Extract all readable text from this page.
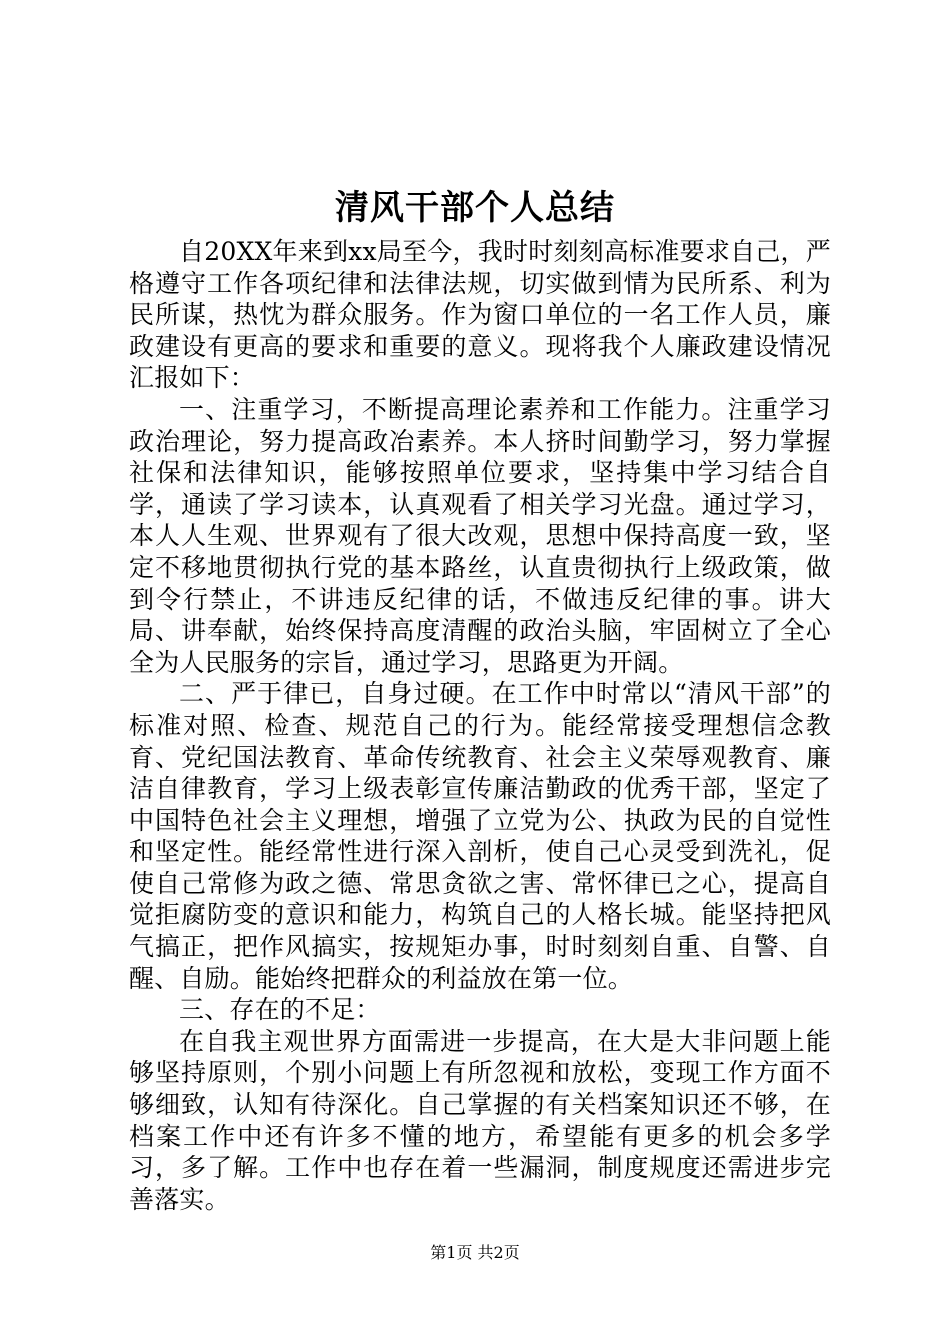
清风干部个人总结

自20XX年来到xx局至今，我时时刻刻高标准要求自己，严格遵守工作各项纪律和法律法规，切实做到情为民所系、利为民所谋，热忱为群众服务。作为窗口单位的一名工作人员，廉政建设有更高的要求和重要的意义。现将我个人廉政建设情况汇报如下：

一、注重学习，不断提高理论素养和工作能力。注重学习政治理论，努力提高政冶素养。本人挤时间勤学习，努力掌握社保和法律知识，能够按照单位要求，坚持集中学习结合自学，通读了学习读本，认真观看了相关学习光盘。通过学习，本人人生观、世界观有了很大改观，思想中保持高度一致，坚定不移地贯彻执行党的基本路丝，认直贵彻执行上级政策，做到令行禁止，不讲违反纪律的话，不做违反纪律的事。讲大局、讲奉献，始终保持高度清醒的政治头脑，牢固树立了全心全为人民服务的宗旨，通过学习，思路更为开阔。

二、严于律已，自身过硬。在工作中时常以“清风干部”的标准对照、检查、规范自己的行为。能经常接受理想信念教育、党纪国法教育、革命传统教育、社会主义荣辱观教育、廉洁自律教育，学习上级表彰宣传廉洁勤政的优秀干部，坚定了中国特色社会主义理想，增强了立党为公、执政为民的自觉性和坚定性。能经常性进行深入剖析，使自己心灵受到洗礼，促使自己常修为政之德、常思贪欲之害、常怀律已之心，提高自觉拒腐防变的意识和能力，构筑自己的人格长城。能坚持把风气搞正，把作风搞实，按规矩办事，时时刻刻自重、自警、自醒、自励。能始终把群众的利益放在第一位。

三、存在的不足：

在自我主观世界方面需进一步提高，在大是大非问题上能够坚持原则，个别小问题上有所忽视和放松，变现工作方面不够细致，认知有待深化。自己掌握的有关档案知识还不够，在档案工作中还有许多不懂的地方，希望能有更多的机会多学习，多了解。工作中也存在着一些漏洞，制度规度还需进步完善落实。

第1页 共2页
